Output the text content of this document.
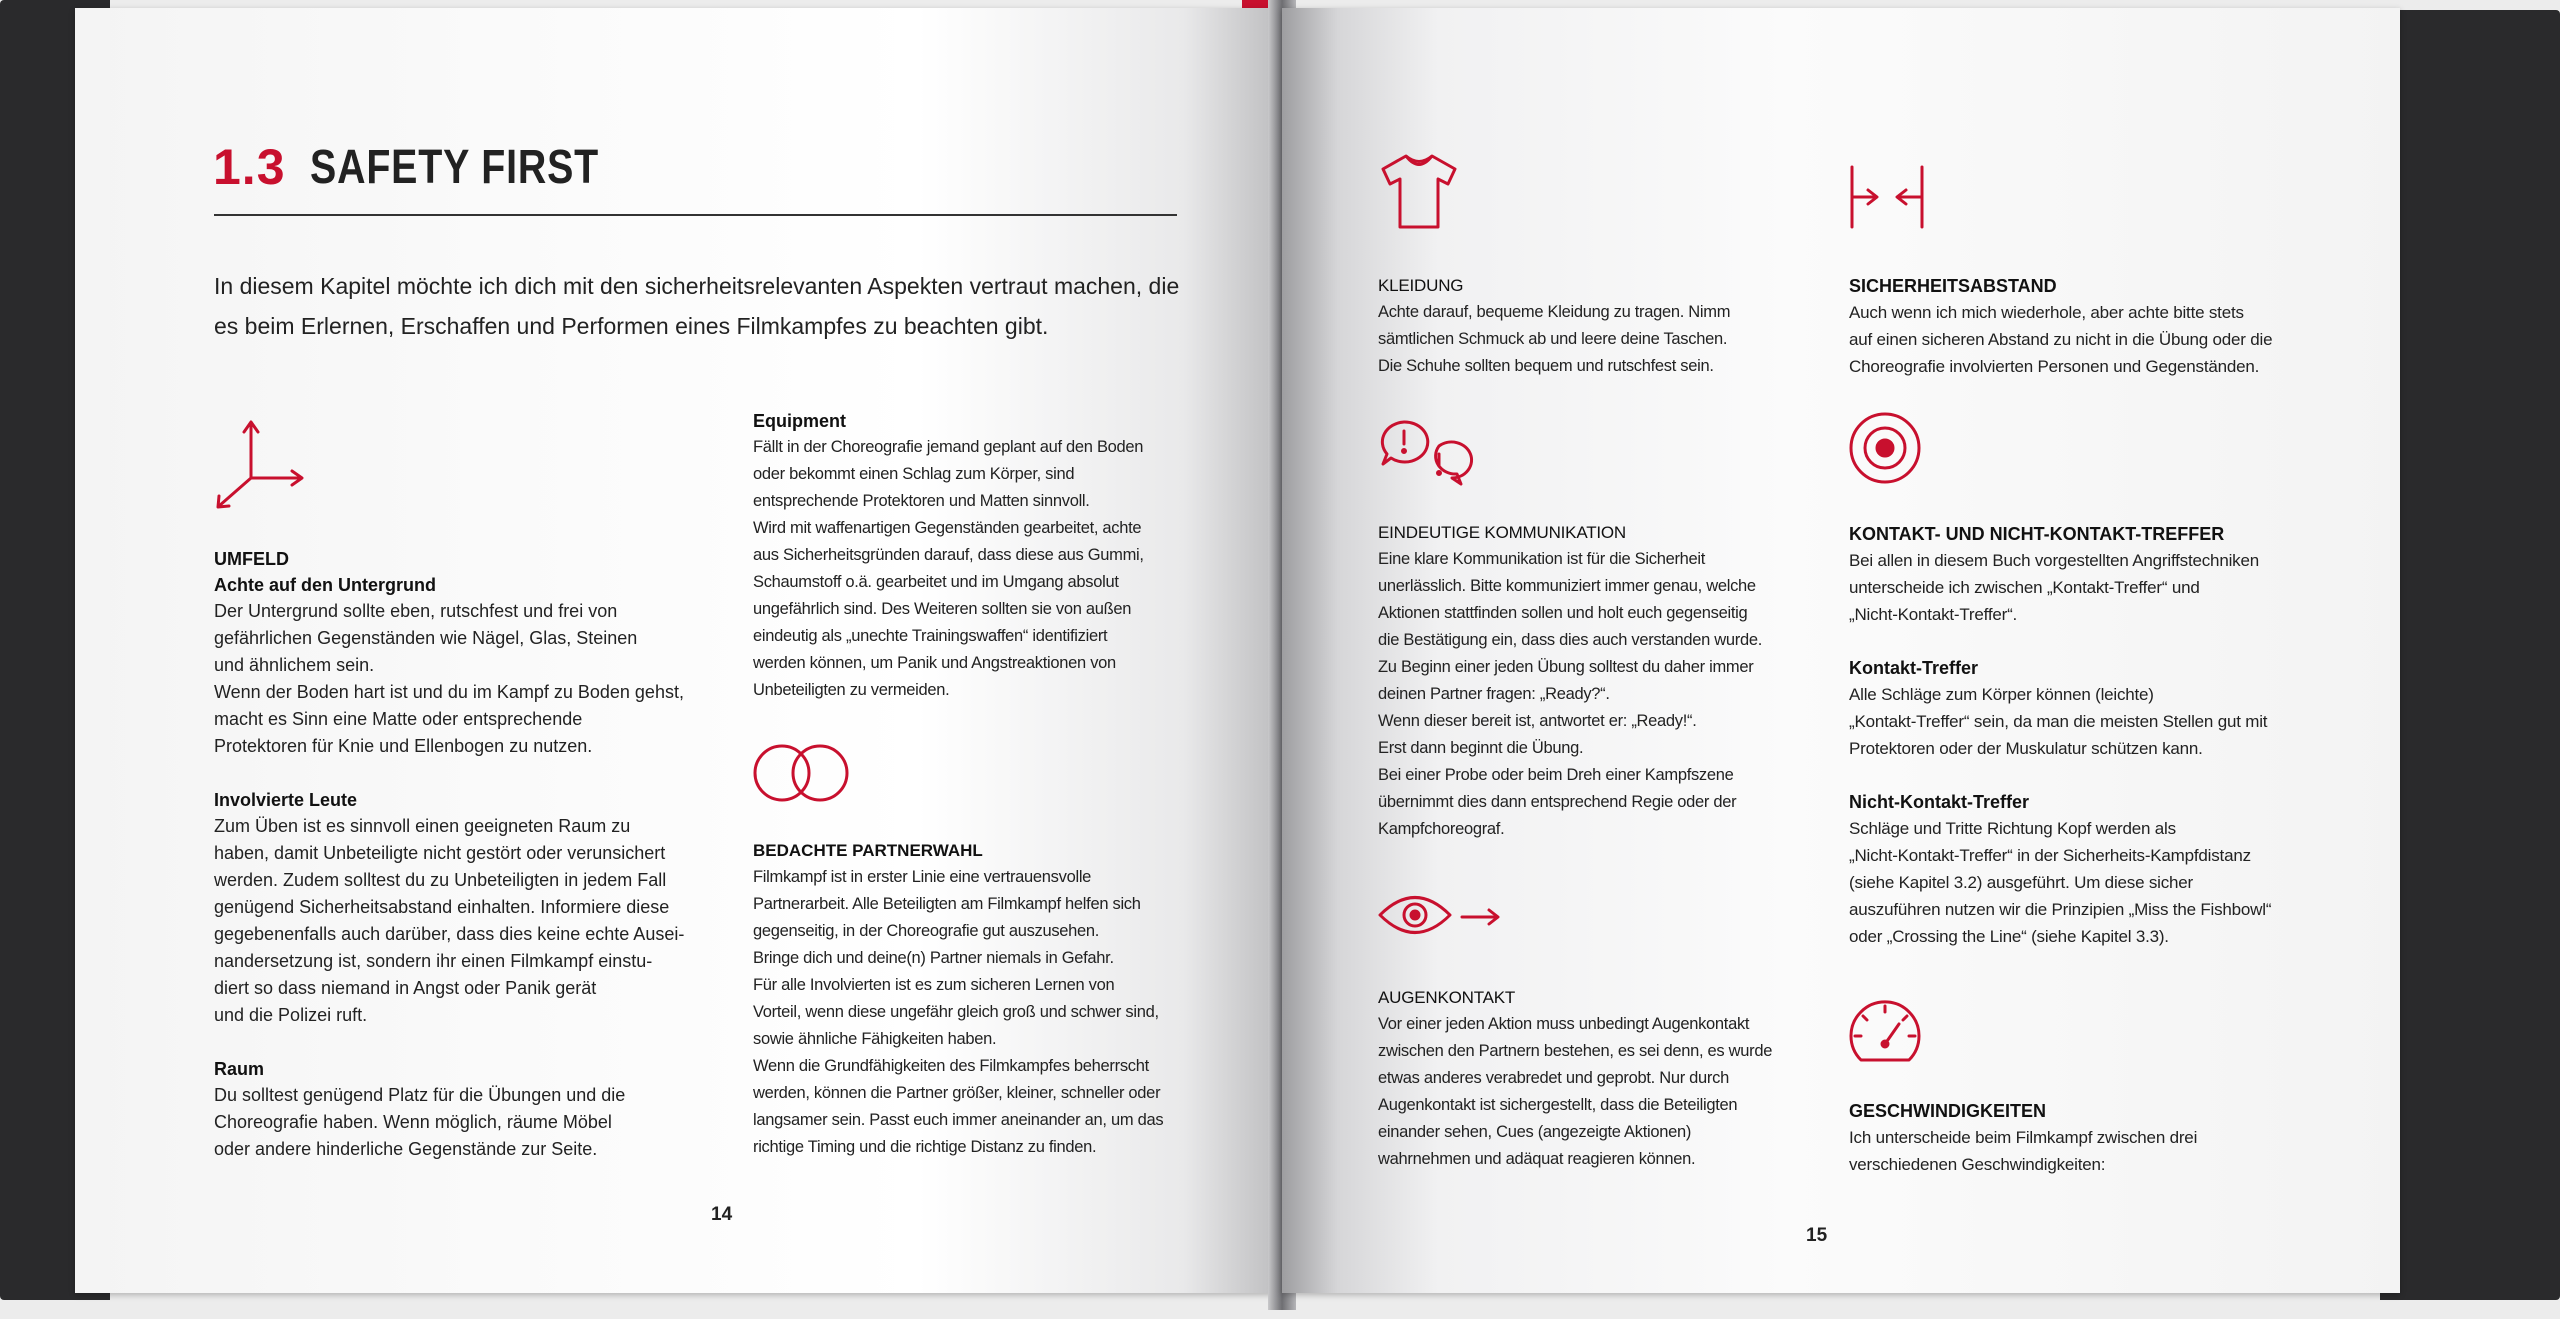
1.3 SAFETY FIRST
In diesem Kapitel möchte ich dich mit den sicherheitsrelevanten Aspekten vertraut machen, die es beim Erlernen, Erschaffen und Performen eines Filmkampfes zu beachten gibt.
UMFELD
Achte auf den Untergrund
Der Untergrund sollte eben, rutschfest und frei von
gefährlichen Gegenständen wie Nägel, Glas, Steinen
und ähnlichem sein.
Wenn der Boden hart ist und du im Kampf zu Boden gehst,
macht es Sinn eine Matte oder entsprechende
Protektoren für Knie und Ellenbogen zu nutzen.
Involvierte Leute
Zum Üben ist es sinnvoll einen geeigneten Raum zu
haben, damit Unbeteiligte nicht gestört oder verunsichert
werden. Zudem solltest du zu Unbeteiligten in jedem Fall
genügend Sicherheitsabstand einhalten. Informiere diese
gegebenenfalls auch darüber, dass dies keine echte Ausei-
nandersetzung ist, sondern ihr einen Filmkampf einstu-
diert so dass niemand in Angst oder Panik gerät
und die Polizei ruft.
Raum
Du solltest genügend Platz für die Übungen und die
Choreografie haben. Wenn möglich, räume Möbel
oder andere hinderliche Gegenstände zur Seite.
Equipment
Fällt in der Choreografie jemand geplant auf den Boden
oder bekommt einen Schlag zum Körper, sind
entsprechende Protektoren und Matten sinnvoll.
Wird mit waffenartigen Gegenständen gearbeitet, achte
aus Sicherheitsgründen darauf, dass diese aus Gummi,
Schaumstoff o.ä. gearbeitet und im Umgang absolut
ungefährlich sind. Des Weiteren sollten sie von außen
eindeutig als „unechte Trainingswaffen“ identifiziert
werden können, um Panik und Angstreaktionen von
Unbeteiligten zu vermeiden.
BEDACHTE PARTNERWAHL
Filmkampf ist in erster Linie eine vertrauensvolle
Partnerarbeit. Alle Beteiligten am Filmkampf helfen sich
gegenseitig, in der Choreografie gut auszusehen.
Bringe dich und deine(n) Partner niemals in Gefahr.
Für alle Involvierten ist es zum sicheren Lernen von
Vorteil, wenn diese ungefähr gleich groß und schwer sind,
sowie ähnliche Fähigkeiten haben.
Wenn die Grundfähigkeiten des Filmkampfes beherrscht
werden, können die Partner größer, kleiner, schneller oder
langsamer sein. Passt euch immer aneinander an, um das
richtige Timing und die richtige Distanz zu finden.
14
KLEIDUNG
Achte darauf, bequeme Kleidung zu tragen. Nimm
sämtlichen Schmuck ab und leere deine Taschen.
Die Schuhe sollten bequem und rutschfest sein.
EINDEUTIGE KOMMUNIKATION
Eine klare Kommunikation ist für die Sicherheit
unerlässlich. Bitte kommuniziert immer genau, welche
Aktionen stattfinden sollen und holt euch gegenseitig
die Bestätigung ein, dass dies auch verstanden wurde.
Zu Beginn einer jeden Übung solltest du daher immer
deinen Partner fragen: „Ready?“.
Wenn dieser bereit ist, antwortet er: „Ready!“.
Erst dann beginnt die Übung.
Bei einer Probe oder beim Dreh einer Kampfszene
übernimmt dies dann entsprechend Regie oder der
Kampfchoreograf.
AUGENKONTAKT
Vor einer jeden Aktion muss unbedingt Augenkontakt
zwischen den Partnern bestehen, es sei denn, es wurde
etwas anderes verabredet und geprobt. Nur durch
Augenkontakt ist sichergestellt, dass die Beteiligten
einander sehen, Cues (angezeigte Aktionen)
wahrnehmen und adäquat reagieren können.
SICHERHEITSABSTAND
Auch wenn ich mich wiederhole, aber achte bitte stets
auf einen sicheren Abstand zu nicht in die Übung oder die
Choreografie involvierten Personen und Gegenständen.
KONTAKT- UND NICHT-KONTAKT-TREFFER
Bei allen in diesem Buch vorgestellten Angriffstechniken
unterscheide ich zwischen „Kontakt-Treffer“ und
„Nicht-Kontakt-Treffer“.
Kontakt-Treffer
Alle Schläge zum Körper können (leichte)
„Kontakt-Treffer“ sein, da man die meisten Stellen gut mit
Protektoren oder der Muskulatur schützen kann.
Nicht-Kontakt-Treffer
Schläge und Tritte Richtung Kopf werden als
„Nicht-Kontakt-Treffer“ in der Sicherheits-Kampfdistanz
(siehe Kapitel 3.2) ausgeführt. Um diese sicher
auszuführen nutzen wir die Prinzipien „Miss the Fishbowl“
oder „Crossing the Line“ (siehe Kapitel 3.3).
GESCHWINDIGKEITEN
Ich unterscheide beim Filmkampf zwischen drei
verschiedenen Geschwindigkeiten:
15
